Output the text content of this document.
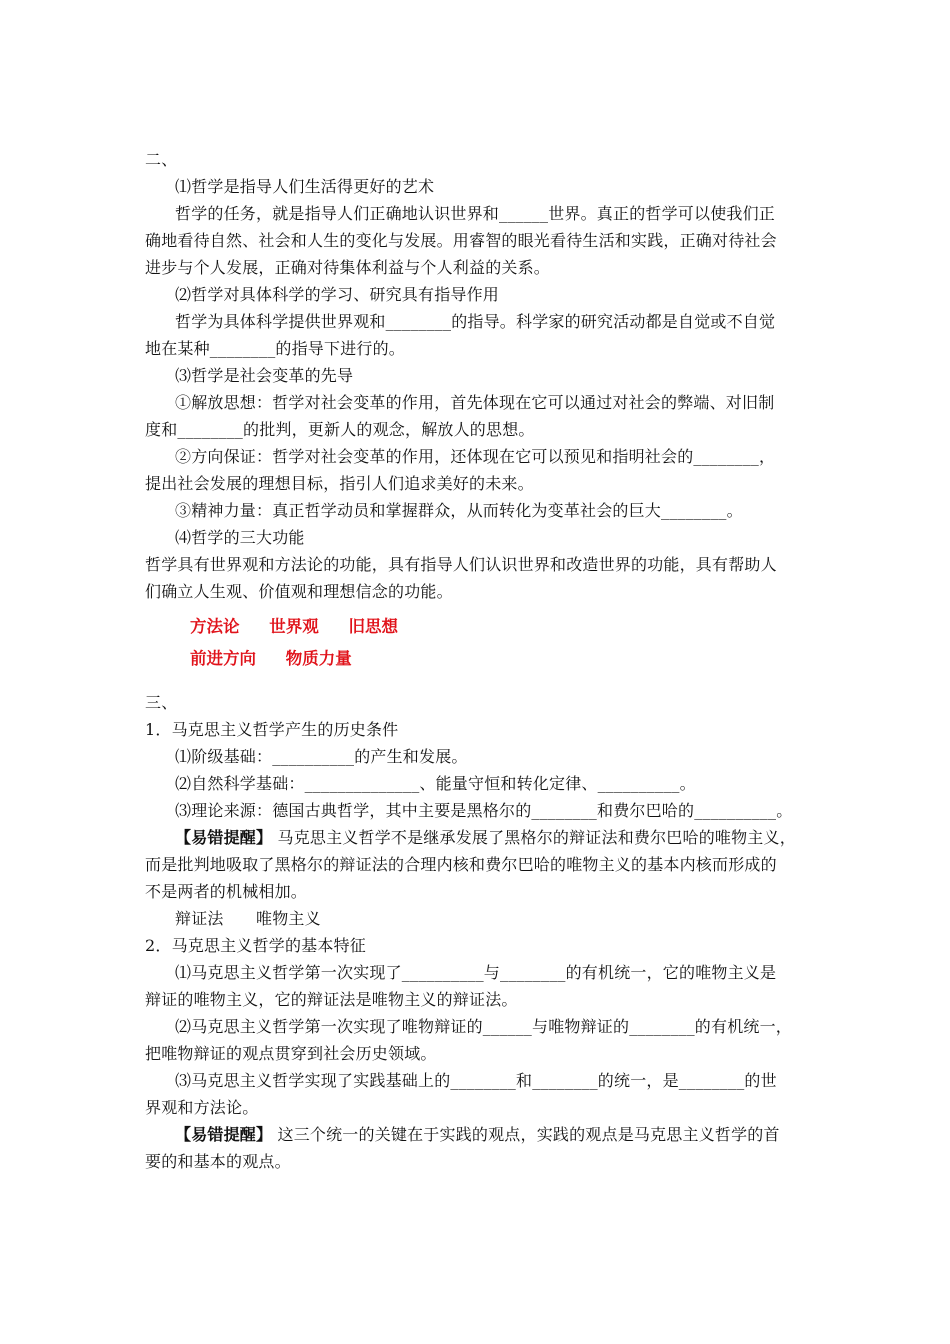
二、
⑴哲学是指导人们生活得更好的艺术
哲学的任务，就是指导人们正确地认识世界和______世界。真正的哲学可以使我们正
确地看待自然、社会和人生的变化与发展。用睿智的眼光看待生活和实践，正确对待社会
进步与个人发展，正确对待集体利益与个人利益的关系。
⑵哲学对具体科学的学习、研究具有指导作用
哲学为具体科学提供世界观和________的指导。科学家的研究活动都是自觉或不自觉
地在某种________的指导下进行的。
⑶哲学是社会变革的先导
①解放思想：哲学对社会变革的作用，首先体现在它可以通过对社会的弊端、对旧制
度和________的批判，更新人的观念，解放人的思想。
②方向保证：哲学对社会变革的作用，还体现在它可以预见和指明社会的________，
提出社会发展的理想目标，指引人们追求美好的未来。
③精神力量：真正哲学动员和掌握群众，从而转化为变革社会的巨大________。
⑷哲学的三大功能
哲学具有世界观和方法论的功能，具有指导人们认识世界和改造世界的功能，具有帮助人
们确立人生观、价值观和理想信念的功能。
方法论 世界观 旧思想
前进方向 物质力量
三、
1．马克思主义哲学产生的历史条件
⑴阶级基础：__________的产生和发展。
⑵自然科学基础：______________、能量守恒和转化定律、__________。
⑶理论来源：德国古典哲学，其中主要是黑格尔的________和费尔巴哈的__________。
【易错提醒】 马克思主义哲学不是继承发展了黑格尔的辩证法和费尔巴哈的唯物主义，
而是批判地吸取了黑格尔的辩证法的合理内核和费尔巴哈的唯物主义的基本内核而形成的
不是两者的机械相加。
辩证法　　唯物主义
2．马克思主义哲学的基本特征
⑴马克思主义哲学第一次实现了__________与________的有机统一，它的唯物主义是
辩证的唯物主义，它的辩证法是唯物主义的辩证法。
⑵马克思主义哲学第一次实现了唯物辩证的______与唯物辩证的________的有机统一，
把唯物辩证的观点贯穿到社会历史领域。
⑶马克思主义哲学实现了实践基础上的________和________的统一，是________的世
界观和方法论。
【易错提醒】 这三个统一的关键在于实践的观点，实践的观点是马克思主义哲学的首
要的和基本的观点。
